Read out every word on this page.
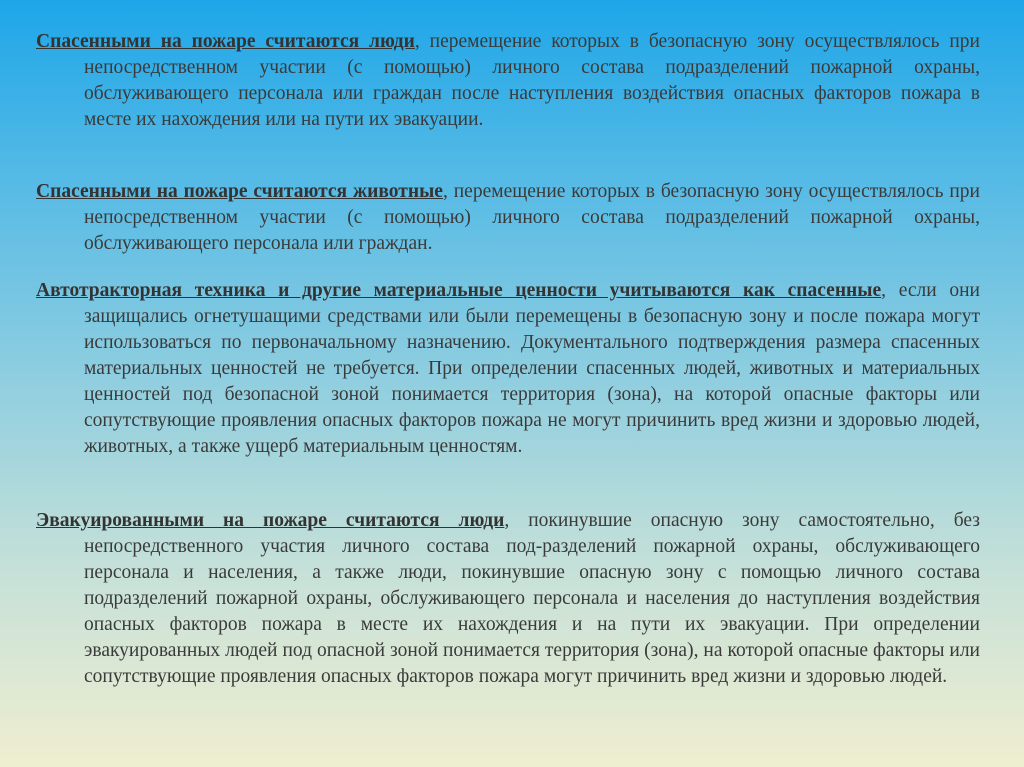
Спасенными на пожаре считаются люди, перемещение которых в безопасную зону осуществлялось при непосредственном участии (с помощью) личного состава подразделений пожарной охраны, обслуживающего персонала или граждан после наступления воздействия опасных факторов пожара в месте их нахождения или на пути их эвакуации.

Спасенными на пожаре считаются животные, перемещение которых в безопасную зону осуществлялось при непосредственном участии (с помощью) личного состава подразделений пожарной охраны, обслуживающего персонала или граждан.

Автотракторная техника и другие материальные ценности учитываются как спасенные, если они защищались огнетушащими средствами или были перемещены в безопасную зону и после пожара могут использоваться по первоначальному назначению. Документального подтверждения размера спасенных материальных ценностей не требуется. При определении спасенных людей, животных и материальных ценностей под безопасной зоной понимается территория (зона), на которой опасные факторы или сопутствующие проявления опасных факторов пожара не могут причинить вред жизни и здоровью людей, животных, а также ущерб материальным ценностям.

Эвакуированными на пожаре считаются люди, покинувшие опасную зону самостоятельно, без непосредственного участия личного состава под-разделений пожарной охраны, обслуживающего персонала и населения, а также люди, покинувшие опасную зону с помощью личного состава подразделений пожарной охраны, обслуживающего персонала и населения до наступления воздействия опасных факторов пожара в месте их нахождения и на пути их эвакуации. При определении эвакуированных людей под опасной зоной понимается территория (зона), на которой опасные факторы или сопутствующие проявления опасных факторов пожара могут причинить вред жизни и здоровью людей.
